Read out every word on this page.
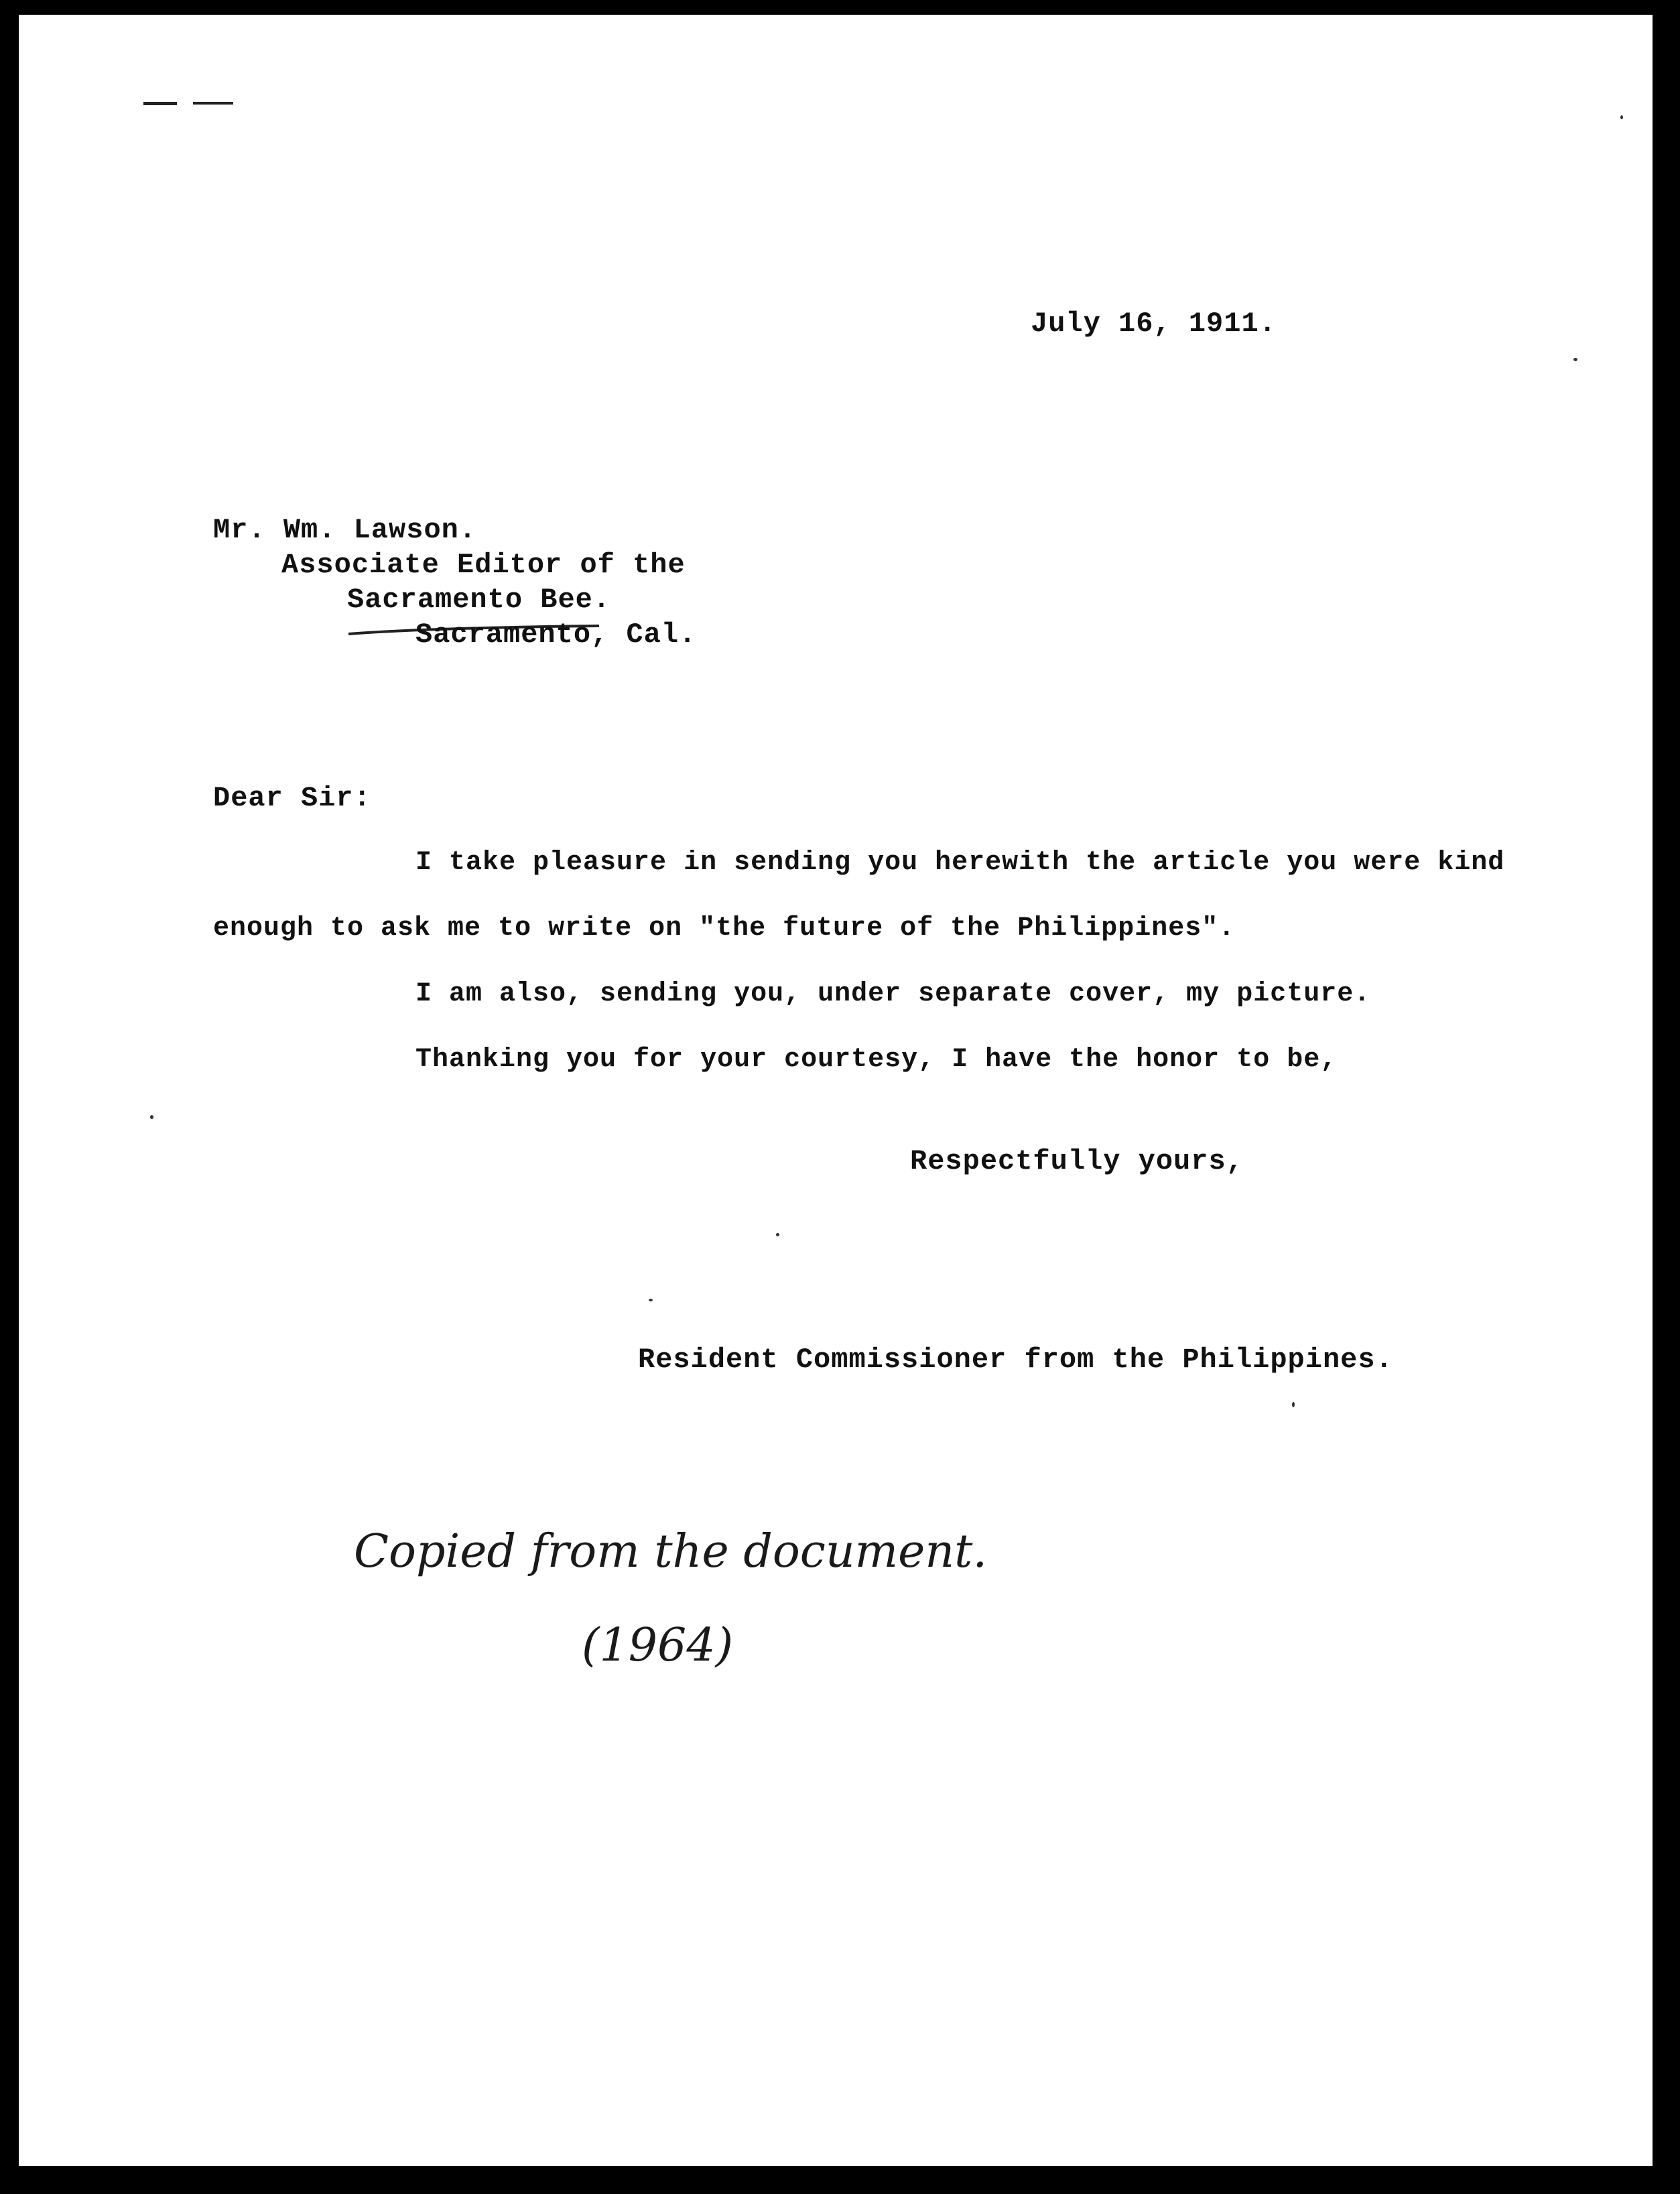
July 16, 1911.
Mr. Wm. Lawson.
Associate Editor of the
Sacramento Bee.
Sacramento, Cal.
Dear Sir:
I take pleasure in sending you herewith the article you were kind
enough to ask me to write on "the future of the Philippines".
I am also, sending you, under separate cover, my picture.
Thanking you for your courtesy, I have the honor to be,
Respectfully yours,
Resident Commissioner from the Philippines.
Copied from the document.
(1964)
